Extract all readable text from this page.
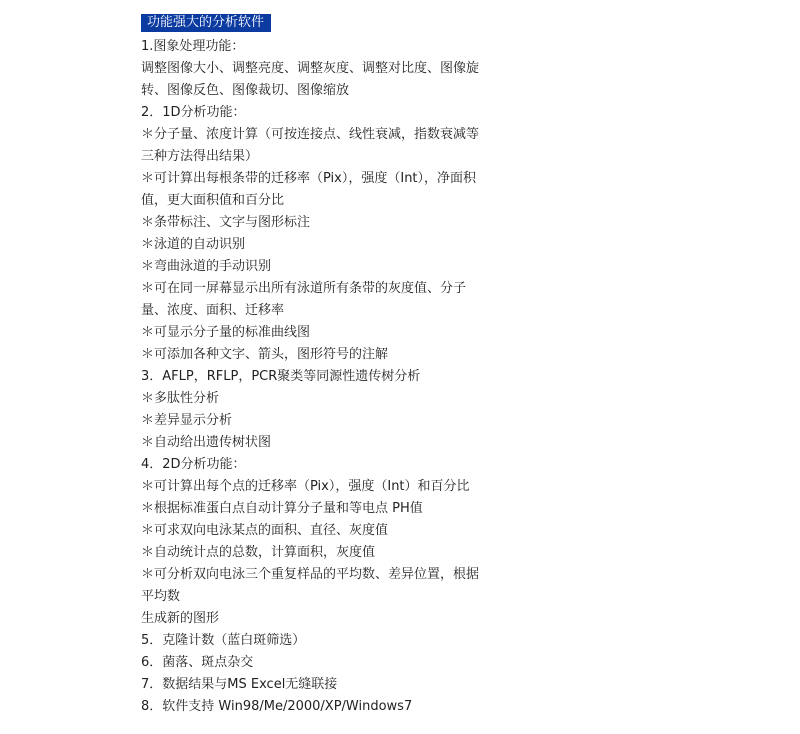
功能强大的分析软件
1.图象处理功能：
调整图像大小、调整亮度、调整灰度、调整对比度、图像旋
转、图像反色、图像裁切、图像缩放
2．1D分析功能：
＊分子量、浓度计算（可按连接点、线性衰减，指数衰减等
三种方法得出结果）
＊可计算出每根条带的迁移率（Pix），强度（Int），净面积
值，更大面积值和百分比
＊条带标注、文字与图形标注
＊泳道的自动识别
＊弯曲泳道的手动识别
＊可在同一屏幕显示出所有泳道所有条带的灰度值、分子
量、浓度、面积、迁移率
＊可显示分子量的标准曲线图
＊可添加各种文字、箭头，图形符号的注解
3．AFLP，RFLP，PCR聚类等同源性遗传树分析
＊多肽性分析
＊差异显示分析
＊自动给出遗传树状图
4．2D分析功能：
＊可计算出每个点的迁移率（Pix），强度（Int）和百分比
＊根据标准蛋白点自动计算分子量和等电点 PH值
＊可求双向电泳某点的面积、直径、灰度值
＊自动统计点的总数，计算面积，灰度值
＊可分析双向电泳三个重复样品的平均数、差异位置，根据
平均数
生成新的图形
5．克隆计数（蓝白斑筛选）
6．菌落、斑点杂交
7．数据结果与MS Excel无缝联接
8．软件支持 Win98/Me/2000/XP/Windows7
